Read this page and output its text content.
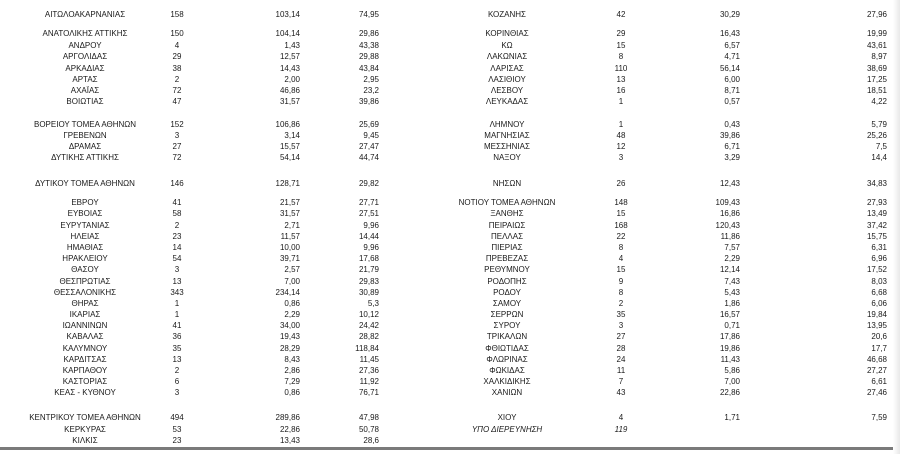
ΑΙΤΩΛΟΑΚΑΡΝΑΝΙΑΣ	158	103,14	74,95
ΑΝΑΤΟΛΙΚΗΣ ΑΤΤΙΚΗΣ	150	104,14	29,86
ΑΝΔΡΟΥ	4	1,43	43,38
ΑΡΓΟΛΙΔΑΣ	29	12,57	29,88
ΑΡΚΑΔΙΑΣ	38	14,43	43,84
ΑΡΤΑΣ	2	2,00	2,95
ΑΧΑΪΑΣ	72	46,86	23,2
ΒΟΙΩΤΙΑΣ	47	31,57	39,86
ΒΟΡΕΙΟΥ ΤΟΜΕΑ ΑΘΗΝΩΝ	152	106,86	25,69
ΓΡΕΒΕΝΩΝ	3	3,14	9,45
ΔΡΑΜΑΣ	27	15,57	27,47
ΔΥΤΙΚΗΣ ΑΤΤΙΚΗΣ	72	54,14	44,74
ΔΥΤΙΚΟΥ ΤΟΜΕΑ ΑΘΗΝΩΝ	146	128,71	29,82
ΕΒΡΟΥ	41	21,57	27,71
ΕΥΒΟΙΑΣ	58	31,57	27,51
ΕΥΡΥΤΑΝΙΑΣ	2	2,71	9,96
ΗΛΕΙΑΣ	23	11,57	14,44
ΗΜΑΘΙΑΣ	14	10,00	9,96
ΗΡΑΚΛΕΙΟΥ	54	39,71	17,68
ΘΑΣΟΥ	3	2,57	21,79
ΘΕΣΠΡΩΤΙΑΣ	13	7,00	29,83
ΘΕΣΣΑΛΟΝΙΚΗΣ	343	234,14	30,89
ΘΗΡΑΣ	1	0,86	5,3
ΙΚΑΡΙΑΣ	1	2,29	10,12
ΙΩΑΝΝΙΝΩΝ	41	34,00	24,42
ΚΑΒΑΛΑΣ	36	19,43	28,82
ΚΑΛΥΜΝΟΥ	35	28,29	118,84
ΚΑΡΔΙΤΣΑΣ	13	8,43	11,45
ΚΑΡΠΑΘΟΥ	2	2,86	27,36
ΚΑΣΤΟΡΙΑΣ	6	7,29	11,92
ΚΕΑΣ - ΚΥΘΝΟΥ	3	0,86	76,71
ΚΕΝΤΡΙΚΟΥ ΤΟΜΕΑ ΑΘΗΝΩΝ	494	289,86	47,98
ΚΕΡΚΥΡΑΣ	53	22,86	50,78
ΚΙΛΚΙΣ	23	13,43	28,6
ΚΟΖΑΝΗΣ	42	30,29	27,96
ΚΟΡΙΝΘΙΑΣ	29	16,43	19,99
ΚΩ	15	6,57	43,61
ΛΑΚΩΝΙΑΣ	8	4,71	8,97
ΛΑΡΙΣΑΣ	110	56,14	38,69
ΛΑΣΙΘΙΟΥ	13	6,00	17,25
ΛΕΣΒΟΥ	16	8,71	18,51
ΛΕΥΚΑΔΑΣ	1	0,57	4,22
ΛΗΜΝΟΥ	1	0,43	5,79
ΜΑΓΝΗΣΙΑΣ	48	39,86	25,26
ΜΕΣΣΗΝΙΑΣ	12	6,71	7,5
ΝΑΞΟΥ	3	3,29	14,4
ΝΗΣΩΝ	26	12,43	34,83
ΝΟΤΙΟΥ ΤΟΜΕΑ ΑΘΗΝΩΝ	148	109,43	27,93
ΞΑΝΘΗΣ	15	16,86	13,49
ΠΕΙΡΑΙΩΣ	168	120,43	37,42
ΠΕΛΛΑΣ	22	11,86	15,75
ΠΙΕΡΙΑΣ	8	7,57	6,31
ΠΡΕΒΕΖΑΣ	4	2,29	6,96
ΡΕΘΥΜΝΟΥ	15	12,14	17,52
ΡΟΔΟΠΗΣ	9	7,43	8,03
ΡΟΔΟΥ	8	5,43	6,68
ΣΑΜΟΥ	2	1,86	6,06
ΣΕΡΡΩΝ	35	16,57	19,84
ΣΥΡΟΥ	3	0,71	13,95
ΤΡΙΚΑΛΩΝ	27	17,86	20,6
ΦΘΙΩΤΙΔΑΣ	28	19,86	17,7
ΦΛΩΡΙΝΑΣ	24	11,43	46,68
ΦΩΚΙΔΑΣ	11	5,86	27,27
ΧΑΛΚΙΔΙΚΗΣ	7	7,00	6,61
ΧΑΝΙΩΝ	43	22,86	27,46
ΧΙΟΥ	4	1,71	7,59
ΥΠΟ ΔΙΕΡΕΥΝΗΣΗ	119
